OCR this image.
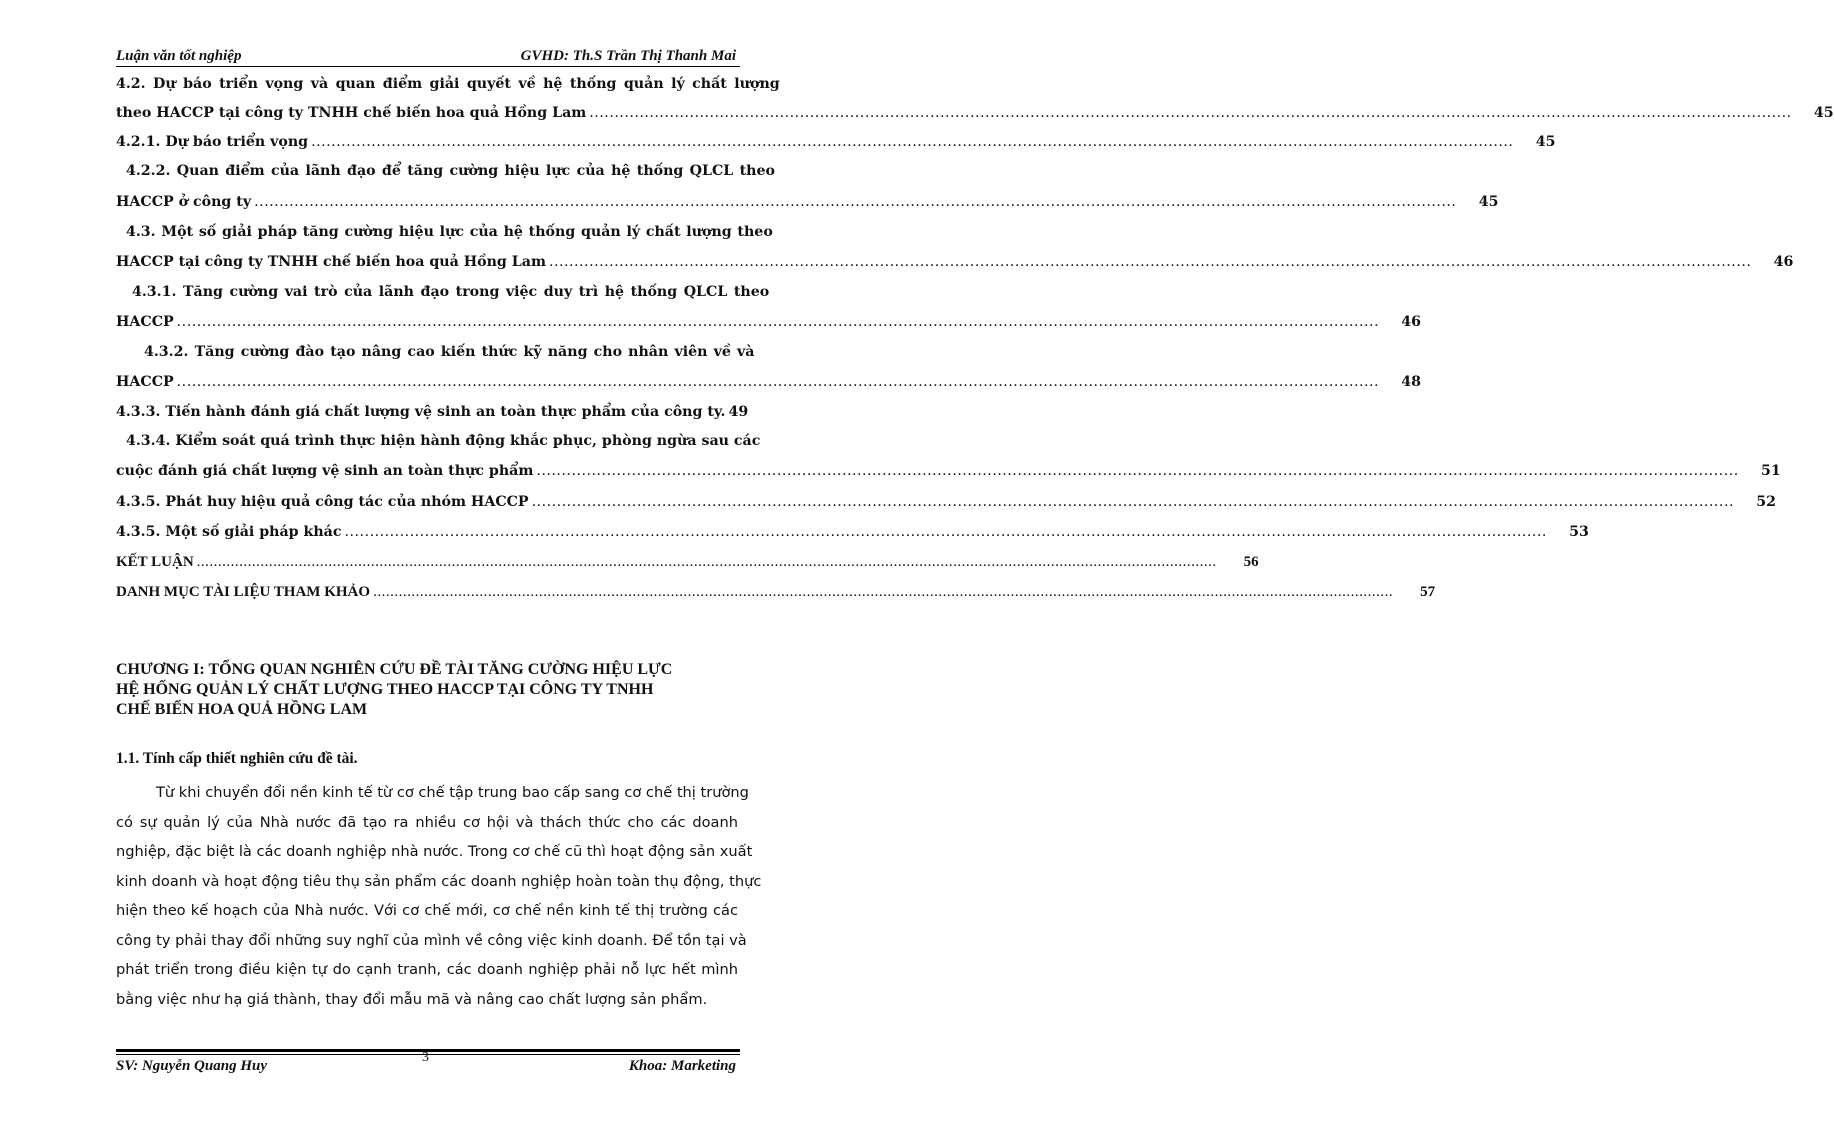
Luận văn tốt nghiệp	GVHD: Th.S Trần Thị Thanh Mai
4.2. Dự báo triển vọng và quan điểm giải quyết về hệ thống quản lý chất lượng
theo HACCP tại công ty TNHH chế biến hoa quả Hồng Lam .....	45
4.2.1. Dự báo triển vọng .....	45
4.2.2. Quan điểm của lãnh đạo để tăng cường hiệu lực của hệ thống QLCL theo
HACCP ở công ty .....	45
4.3. Một số giải pháp tăng cường hiệu lực của hệ thống quản lý chất lượng theo
HACCP tại công ty TNHH chế biến hoa quả Hồng Lam .....	46
4.3.1. Tăng cường vai trò của lãnh đạo trong việc duy trì hệ thống QLCL theo
HACCP .....	46
4.3.2. Tăng cường đào tạo nâng cao kiến thức kỹ năng cho nhân viên về và
HACCP .....	48
4.3.3. Tiến hành đánh giá chất lượng vệ sinh an toàn thực phẩm của công ty. 49
4.3.4. Kiểm soát quá trình thực hiện hành động khắc phục, phòng ngừa sau các
cuộc đánh giá chất lượng vệ sinh an toàn thực phẩm .....	51
4.3.5. Phát huy hiệu quả công tác của nhóm HACCP .....	52
4.3.5. Một số giải pháp khác .....	53
KẾT LUẬN .....	56
DANH MỤC TÀI LIỆU THAM KHẢO .....	57
CHƯƠNG I: TỔNG QUAN NGHIÊN CỨU ĐỀ TÀI TĂNG CƯỜNG HIỆU LỰC
HỆ HỐNG QUẢN LÝ CHẤT LƯỢNG THEO HACCP TẠI CÔNG TY TNHH
CHẾ BIẾN HOA QUẢ HỒNG LAM
1.1. Tính cấp thiết nghiên cứu đề tài.
Từ khi chuyển đổi nền kinh tế từ cơ chế tập trung bao cấp sang cơ chế thị trường
có sự quản lý của Nhà nước đã tạo ra nhiều cơ hội và thách thức cho các doanh
nghiệp, đặc biệt là các doanh nghiệp nhà nước. Trong cơ chế cũ thì hoạt động sản xuất
kinh doanh và hoạt động tiêu thụ sản phẩm các doanh nghiệp hoàn toàn thụ động, thực
hiện theo kế hoạch của Nhà nước. Với cơ chế mới, cơ chế nền kinh tế thị trường các
công ty phải thay đổi những suy nghĩ của mình về công việc kinh doanh. Để tồn tại và
phát triển trong điều kiện tự do cạnh tranh, các doanh nghiệp phải nỗ lực hết mình
bằng việc như hạ giá thành, thay đổi mẫu mã và nâng cao chất lượng sản phẩm.
SV: Nguyễn Quang Huy
3
Khoa: Marketing
